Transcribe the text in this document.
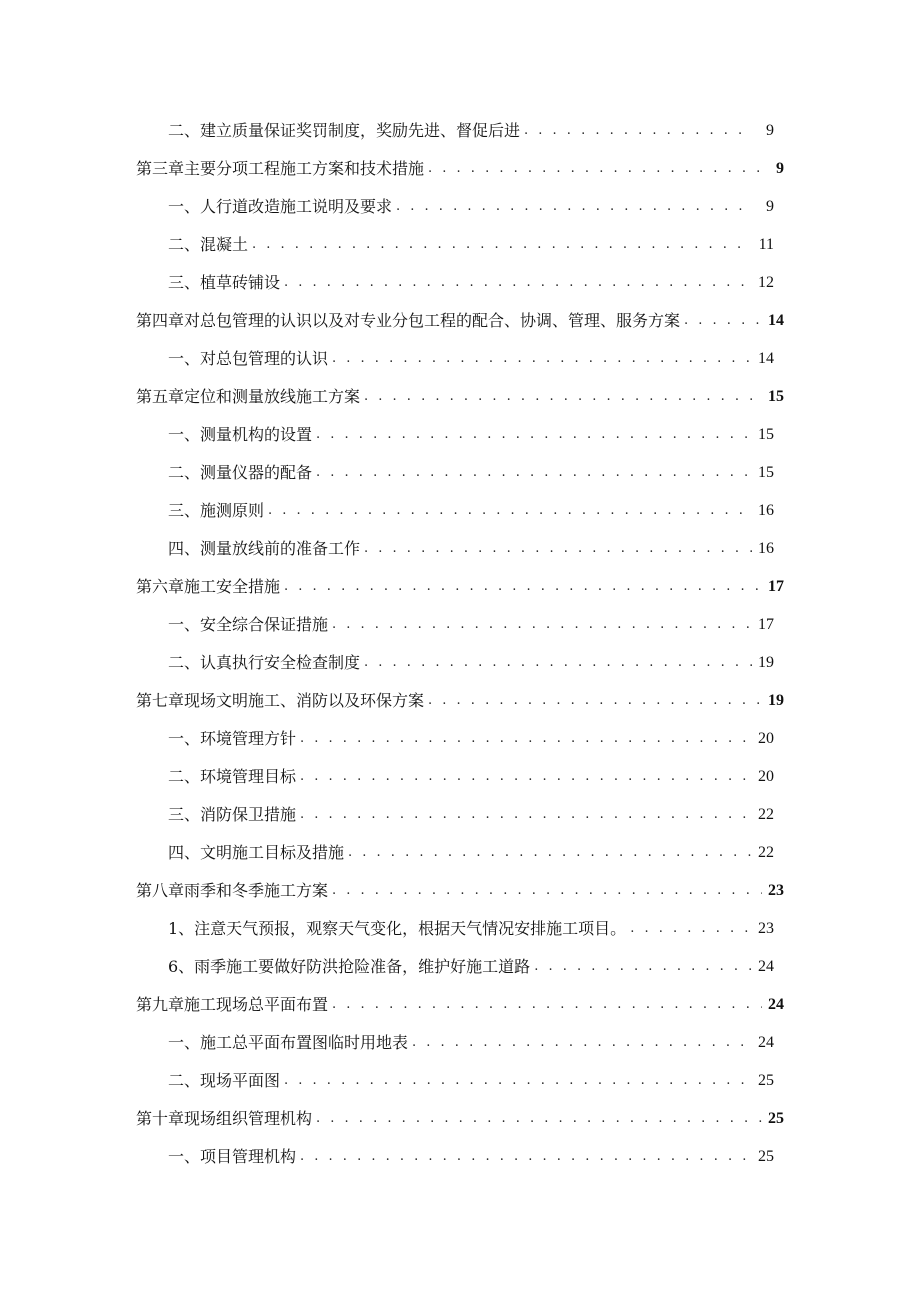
二、建立质量保证奖罚制度，奖励先进、督促后进 . . .	9
第三章主要分项工程施工方案和技术措施 . . .	9
一、人行道改造施工说明及要求 . . .	9
二、混凝土 . . .	11
三、植草砖铺设 . . .	12
第四章对总包管理的认识以及对专业分包工程的配合、协调、管理、服务方案 . . .	14
一、对总包管理的认识 . . .	14
第五章定位和测量放线施工方案 . . .	15
一、测量机构的设置 . . .	15
二、测量仪器的配备 . . .	15
三、施测原则 . . .	16
四、测量放线前的准备工作 . . .	16
第六章施工安全措施 . . .	17
一、安全综合保证措施 . . .	17
二、认真执行安全检查制度 . . .	19
第七章现场文明施工、消防以及环保方案 . . .	19
一、环境管理方针 . . .	20
二、环境管理目标 . . .	20
三、消防保卫措施 . . .	22
四、文明施工目标及措施 . . .	22
第八章雨季和冬季施工方案 . . .	23
1、注意天气预报，观察天气变化，根据天气情况安排施工项目。 . . .	23
6、雨季施工要做好防洪抢险准备，维护好施工道路 . . .	24
第九章施工现场总平面布置 . . .	24
一、施工总平面布置图临时用地表 . . .	24
二、现场平面图 . . .	25
第十章现场组织管理机构 . . .	25
一、项目管理机构 . . .	25
